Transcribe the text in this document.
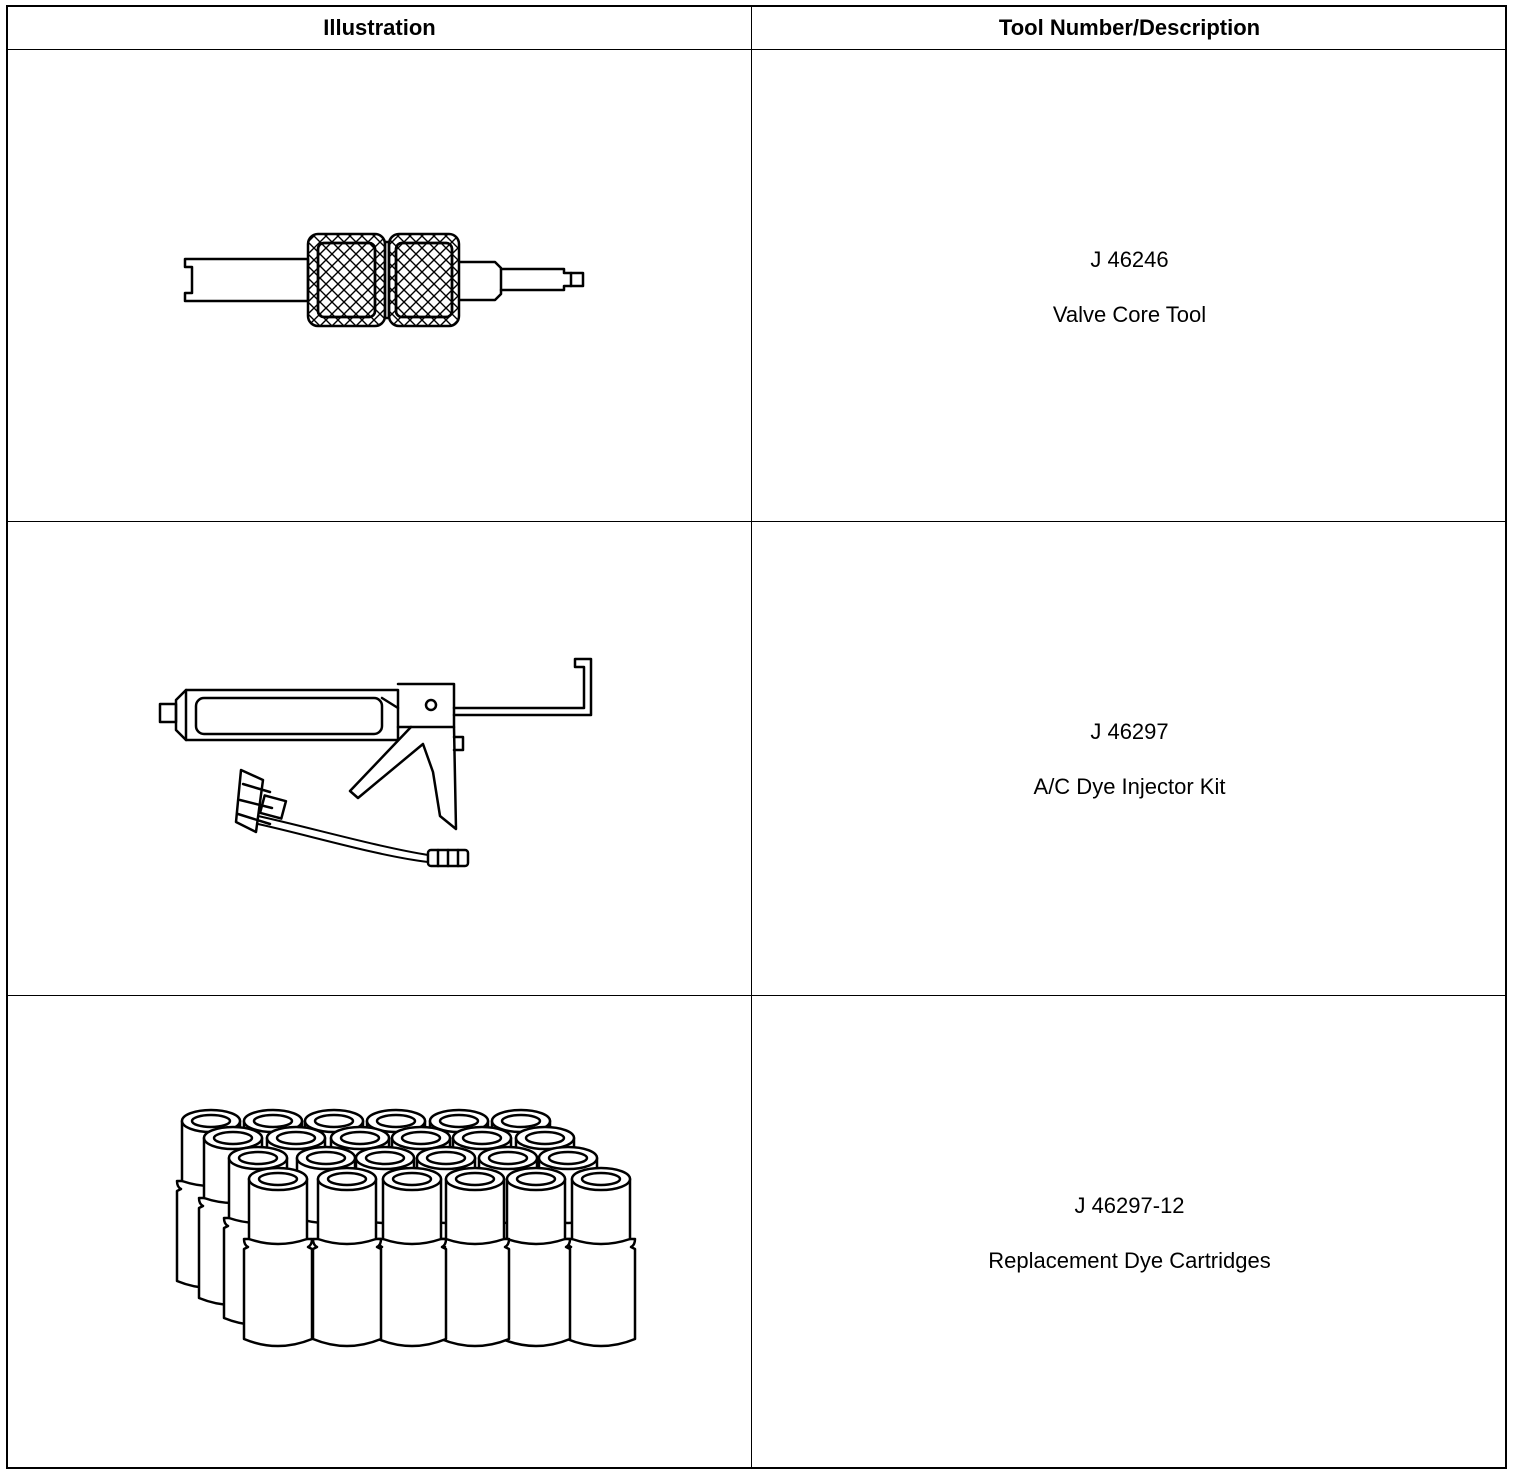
Illustration	Tool Number/Description
J 46246
Valve Core Tool
J 46297
A/C Dye Injector Kit
J 46297-12
Replacement Dye Cartridges
